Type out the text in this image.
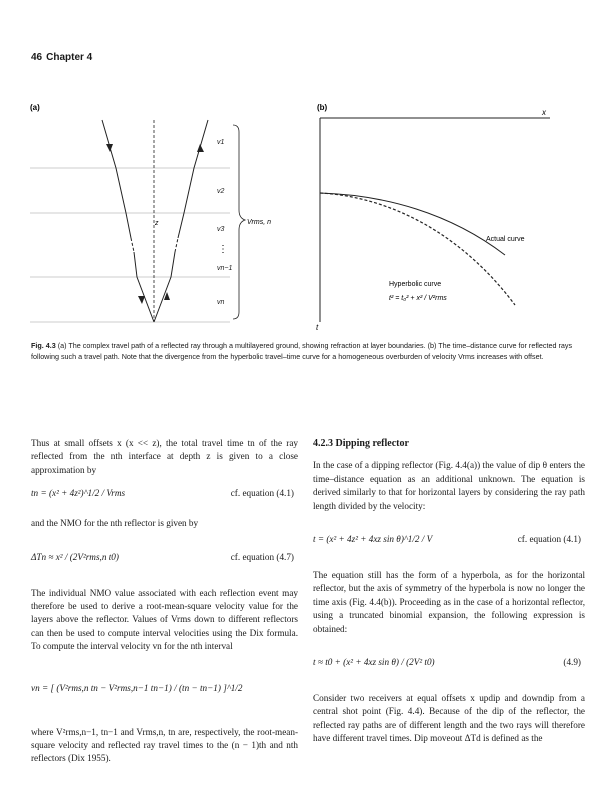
46 Chapter 4
(a)
z
v1
v2
v3
vn−1
vn
⋮
Vrms, n
(b)
x
t
Actual curve
Hyperbolic curve
t² = t₀² + x² / V²rms
Fig. 4.3 (a) The complex travel path of a reflected ray through a multilayered ground, showing refraction at layer boundaries. (b) The time–distance curve for reflected rays following such a travel path. Note that the divergence from the hyperbolic travel–time curve for a homogeneous overburden of velocity Vrms increases with offset.

Thus at small offsets x (x << z), the total travel time tn of the ray reflected from the nth interface at depth z is given to a close approximation by

tn = (x² + 4z²)^1/2 / Vrms	cf. equation (4.1)

and the NMO for the nth reflector is given by

ΔTn ≈ x² / (2V²rms,n t0)	cf. equation (4.7)

The individual NMO value associated with each reflection event may therefore be used to derive a root-mean-square velocity value for the layers above the reflector. Values of Vrms down to different reflectors can then be used to compute interval velocities using the Dix formula. To compute the interval velocity vn for the nth interval

vn = [ (V²rms,n tn − V²rms,n−1 tn−1) / (tn − tn−1) ]^1/2

where V²rms,n−1, tn−1 and Vrms,n, tn are, respectively, the root-mean-square velocity and reflected ray travel times to the (n − 1)th and nth reflectors (Dix 1955).

4.2.3 Dipping reflector

In the case of a dipping reflector (Fig. 4.4(a)) the value of dip θ enters the time–distance equation as an additional unknown. The equation is derived similarly to that for horizontal layers by considering the ray path length divided by the velocity:

t = (x² + 4z² + 4xz sin θ)^1/2 / V	cf. equation (4.1)

The equation still has the form of a hyperbola, as for the horizontal reflector, but the axis of symmetry of the hyperbola is now no longer the time axis (Fig. 4.4(b)). Proceeding as in the case of a horizontal reflector, using a truncated binomial expansion, the following expression is obtained:

t ≈ t0 + (x² + 4xz sin θ) / (2V² t0)	(4.9)

Consider two receivers at equal offsets x updip and downdip from a central shot point (Fig. 4.4). Because of the dip of the reflector, the reflected ray paths are of different length and the two rays will therefore have different travel times. Dip moveout ΔTd is defined as the
